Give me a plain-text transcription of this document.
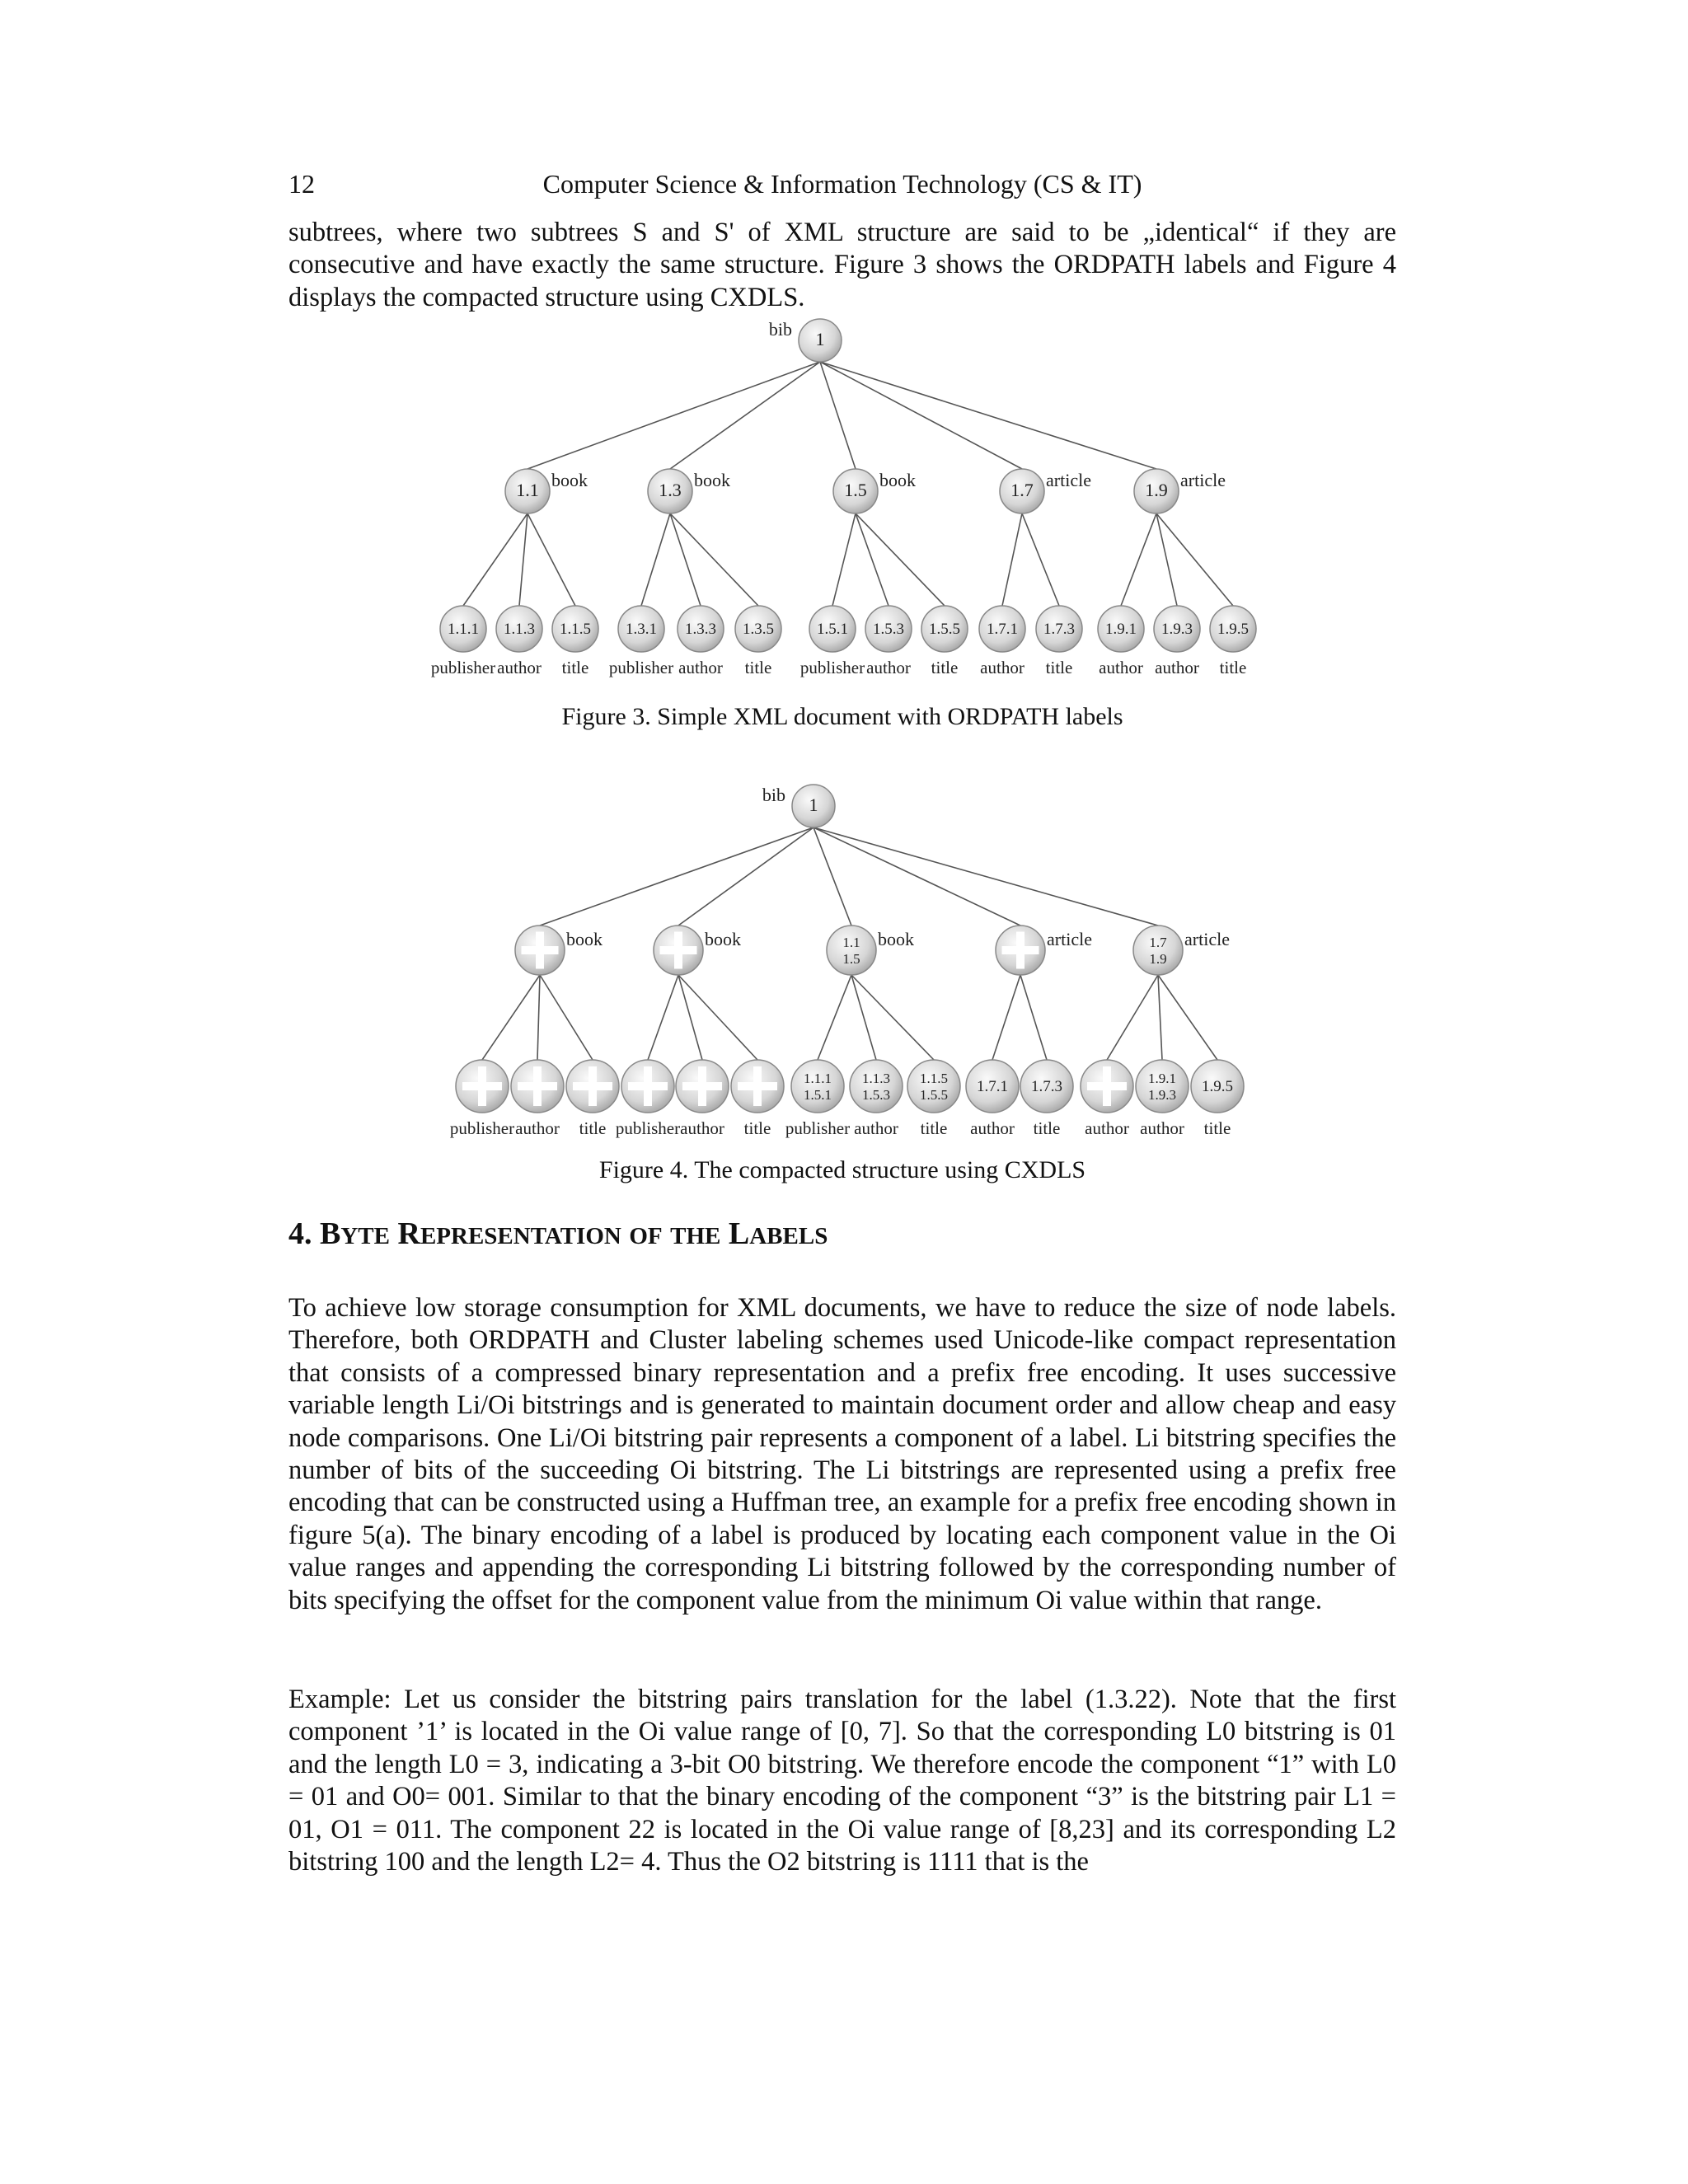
12	Computer Science & Information Technology (CS & IT)

subtrees, where two subtrees S and S' of XML structure are said to be „identical“ if they are consecutive and have exactly the same structure. Figure 3 shows the ORDPATH labels and Figure 4 displays the compacted structure using CXDLS.

1
bib
1.1 book	1.3 book	1.5 book	1.7 article	1.9 article
1.1.1
publisher
1.1.3
author
1.1.5
title
1.3.1
publisher
1.3.3
author
1.3.5
title
1.5.1
publisher
1.5.3
author
1.5.5
title
1.7.1
author
1.7.3
title
1.9.1
author
1.9.3
author
1.9.5
title
Figure 3. Simple XML document with ORDPATH labels
1
bib
book	book	1.1 1.5
book	article	1.7 1.9
article
publisher author title publisher author title
1.1.1 1.5.1
publisher
1.1.3 1.5.3
author
1.1.5 1.5.5
title
1.7.1
author
1.7.3
title author
1.9.1 1.9.3
author
1.9.5
title
Figure 4. The compacted structure using CXDLS
4. BYTE REPRESENTATION OF THE LABELS

To achieve low storage consumption for XML documents, we have to reduce the size of node labels. Therefore, both ORDPATH and Cluster labeling schemes used Unicode-like compact representation that consists of a compressed binary representation and a prefix free encoding. It uses successive variable length Li/Oi bitstrings and is generated to maintain document order and allow cheap and easy node comparisons. One Li/Oi bitstring pair represents a component of a label. Li bitstring specifies the number of bits of the succeeding Oi bitstring. The Li bitstrings are represented using a prefix free encoding that can be constructed using a Huffman tree, an example for a prefix free encoding shown in figure 5(a). The binary encoding of a label is produced by locating each component value in the Oi value ranges and appending the corresponding Li bitstring followed by the corresponding number of bits specifying the offset for the component value from the minimum Oi value within that range.

Example: Let us consider the bitstring pairs translation for the label (1.3.22). Note that the first component ’1’ is located in the Oi value range of [0, 7]. So that the corresponding L0 bitstring is 01 and the length L0 = 3, indicating a 3-bit O0 bitstring. We therefore encode the component “1” with L0 = 01 and O0= 001. Similar to that the binary encoding of the component “3” is the bitstring pair L1 = 01, O1 = 011. The component 22 is located in the Oi value range of [8,23] and its corresponding L2 bitstring 100 and the length L2= 4. Thus the O2 bitstring is 1111 that is the
